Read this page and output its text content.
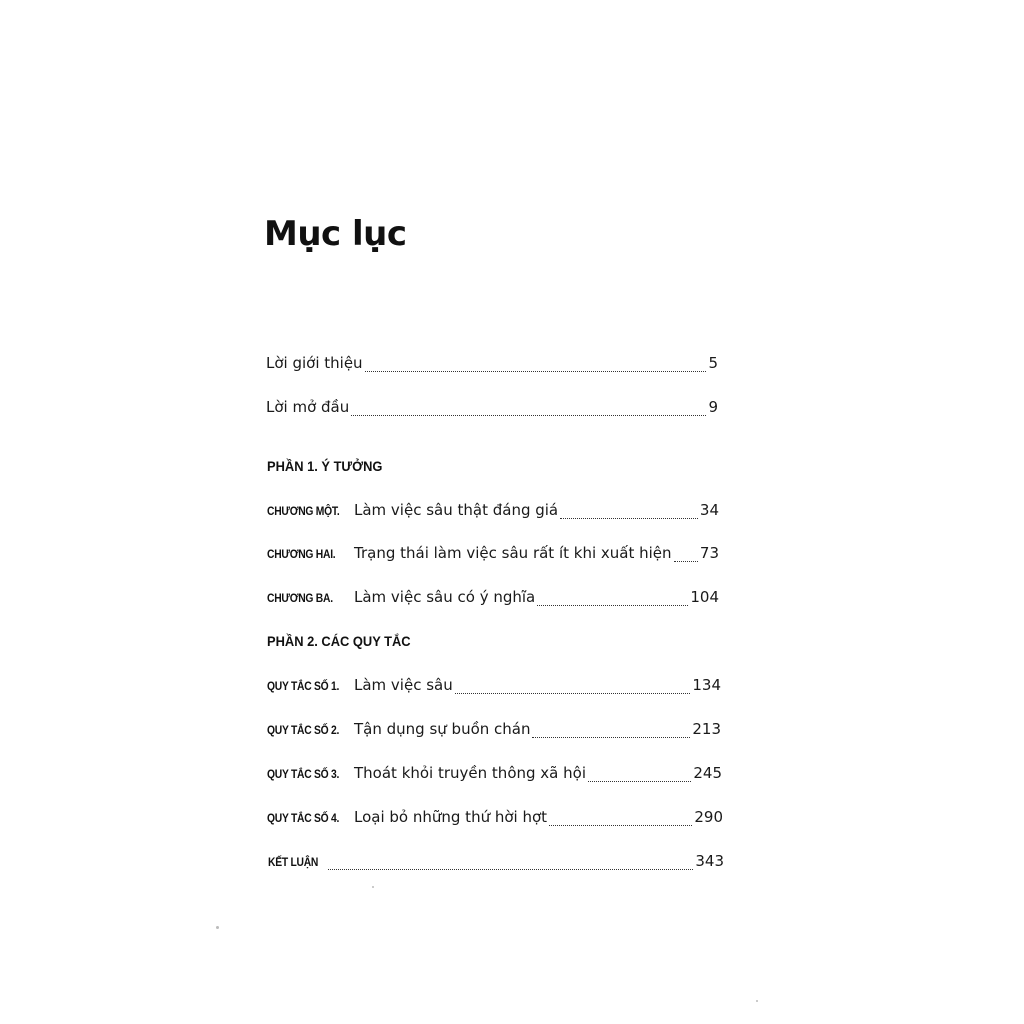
Mục lục
Lời giới thiệu	5
Lời mở đầu	9
PHẦN 1. Ý TƯỞNG
CHƯƠNG MỘT. Làm việc sâu thật đáng giá	34
CHƯƠNG HAI.	Trạng thái làm việc sâu rất ít khi xuất hiện 73
CHƯƠNG BA.	Làm việc sâu có ý nghĩa	104
PHẦN 2. CÁC QUY TẮC
QUY TẮC SỐ 1. Làm việc sâu	134
QUY TẮC SỐ 2. Tận dụng sự buồn chán	213
QUY TẮC SỐ 3. Thoát khỏi truyền thông xã hội	245
QUY TẮC SỐ 4. Loại bỏ những thứ hời hợt	290
KẾT LUẬN	343
